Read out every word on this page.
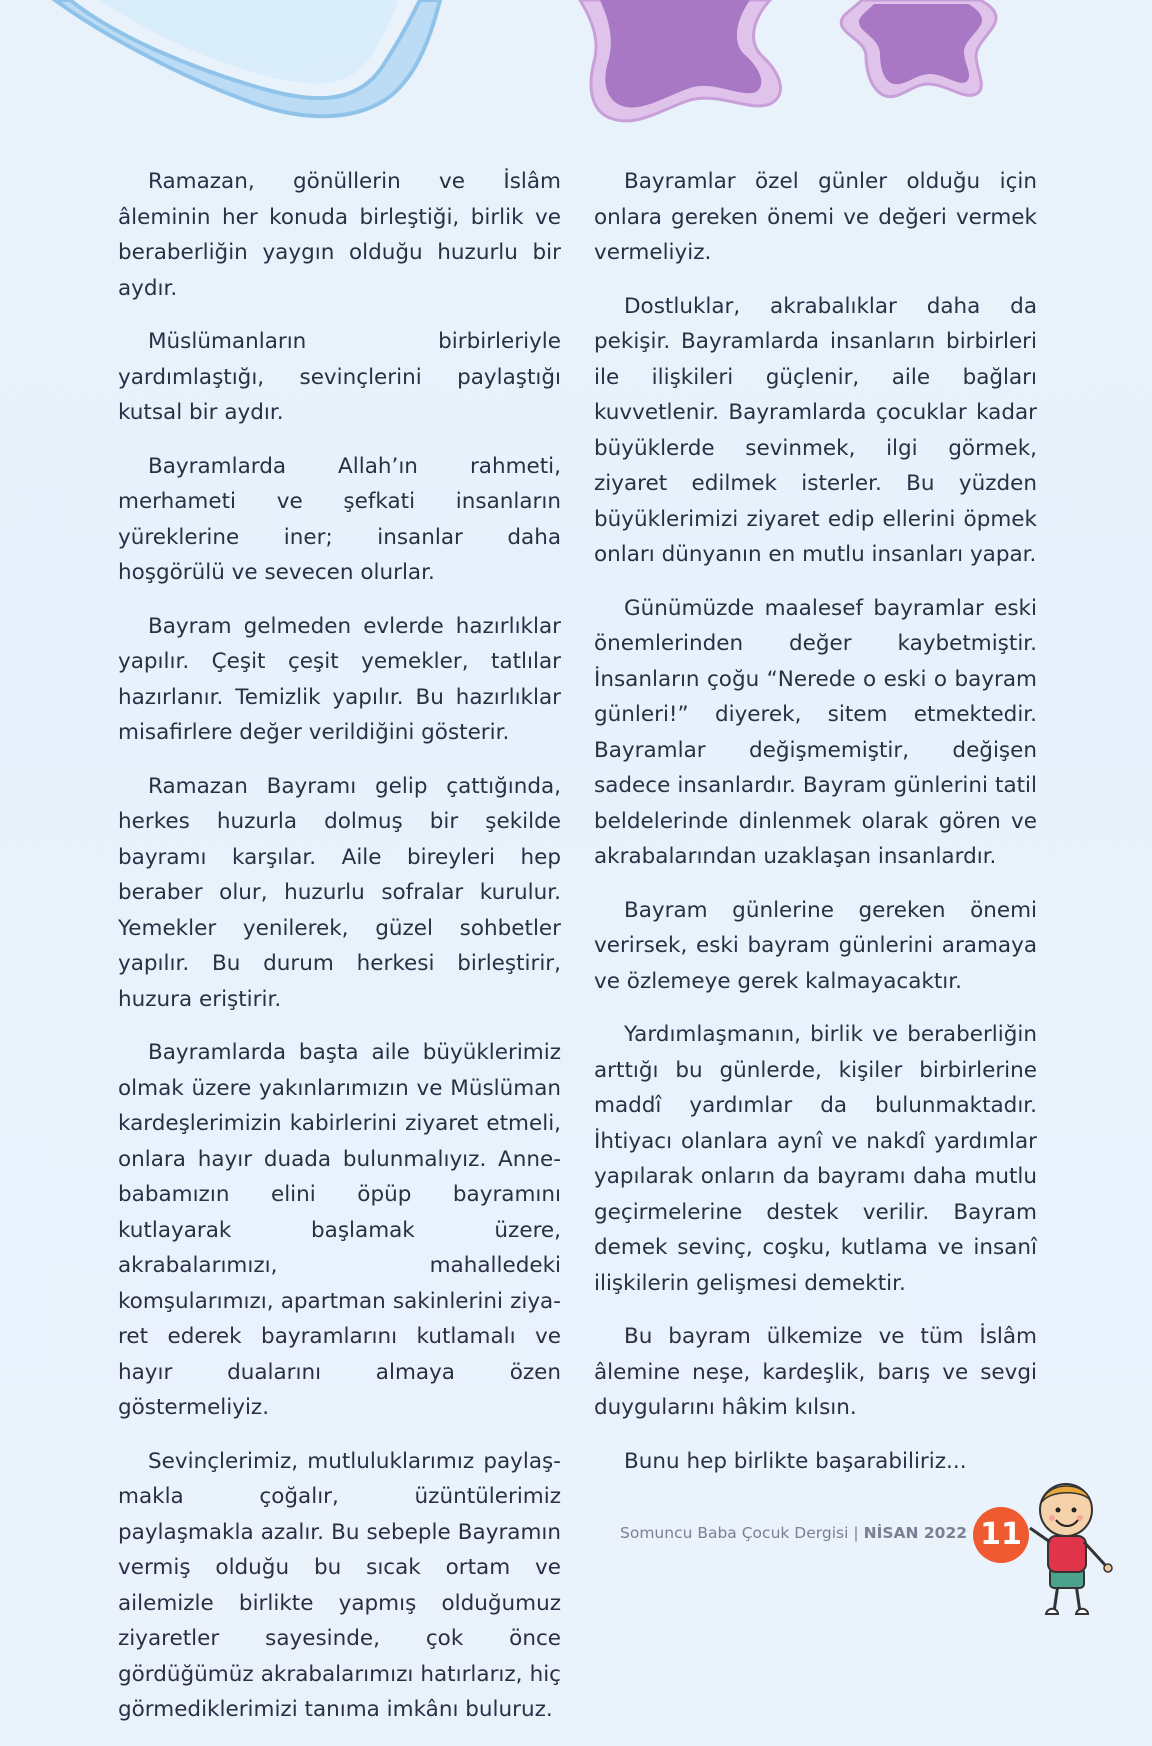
Ramazan, gönüllerin ve İslâm âleminin her konuda birleştiği, birlik ve beraberliğin yaygın olduğu huzurlu bir aydır.

Müslümanların birbirleriyle yardımlaştığı, sevinçlerini paylaştığı kutsal bir aydır.

Bayramlarda Allah’ın rahmeti, merhameti ve şefkati insanların yüreklerine iner; insanlar daha hoşgörülü ve sevecen olurlar.

Bayram gelmeden evlerde hazırlıklar yapılır. Çeşit çeşit yemekler, tatlılar hazırlanır. Temizlik yapılır. Bu hazırlıklar misafirlere değer verildiğini gösterir.

Ramazan Bayramı gelip çattığında, herkes huzurla dolmuş bir şekilde bayramı karşılar. Aile bireyleri hep beraber olur, huzurlu sofralar kurulur. Yemekler yenilerek, güzel sohbetler yapılır. Bu durum herkesi birleştirir, huzura eriştirir.

Bayramlarda başta aile büyüklerimiz olmak üzere yakınlarımızın ve Müslüman kardeşlerimizin kabirlerini ziyaret etmeli, onlara hayır duada bulunmalıyız. Anne-babamızın elini öpüp bayramını kutlayarak başlamak üzere, akrabalarımızı, mahalledeki komşularımızı, apartman sakinlerini ziyaret ederek bayramlarını kutlamalı ve hayır dualarını almaya özen göstermeliyiz.

Sevinçlerimiz, mutluluklarımız paylaşmakla çoğalır, üzüntülerimiz paylaşmakla azalır. Bu sebeple Bayramın vermiş olduğu bu sıcak ortam ve ailemizle birlikte yapmış olduğumuz ziyaretler sayesinde, çok önce gördüğümüz akrabalarımızı hatırlarız, hiç görmediklerimizi tanıma imkânı buluruz.

Bayramlar özel günler olduğu için onlara gereken önemi ve değeri vermek vermeliyiz.

Dostluklar, akrabalıklar daha da pekişir. Bayramlarda insanların birbirleri ile ilişkileri güçlenir, aile bağları kuvvetlenir. Bayramlarda çocuklar kadar büyüklerde sevinmek, ilgi görmek, ziyaret edilmek isterler. Bu yüzden büyüklerimizi ziyaret edip ellerini öpmek onları dünyanın en mutlu insanları yapar.

Günümüzde maalesef bayramlar eski önemlerinden değer kaybetmiştir. İnsanların çoğu “Nerede o eski o bayram günleri!” diyerek, sitem etmektedir. Bayramlar değişmemiştir, değişen sadece insanlardır. Bayram günlerini tatil beldelerinde dinlenmek olarak gören ve akrabalarından uzaklaşan insanlardır.

Bayram günlerine gereken önemi verirsek, eski bayram günlerini aramaya ve özlemeye gerek kalmayacaktır.

Yardımlaşmanın, birlik ve beraberliğin arttığı bu günlerde, kişiler birbirlerine maddî yardımlar da bulunmaktadır. İhtiyacı olanlara aynî ve nakdî yardımlar yapılarak onların da bayramı daha mutlu geçirmelerine destek verilir. Bayram demek sevinç, coşku, kutlama ve insanî ilişkilerin gelişmesi demektir.

Bu bayram ülkemize ve tüm İslâm âlemine neşe, kardeşlik, barış ve sevgi duygularını hâkim kılsın.

Bunu hep birlikte başarabiliriz...

Somuncu Baba Çocuk Dergisi | NİSAN 2022 11
